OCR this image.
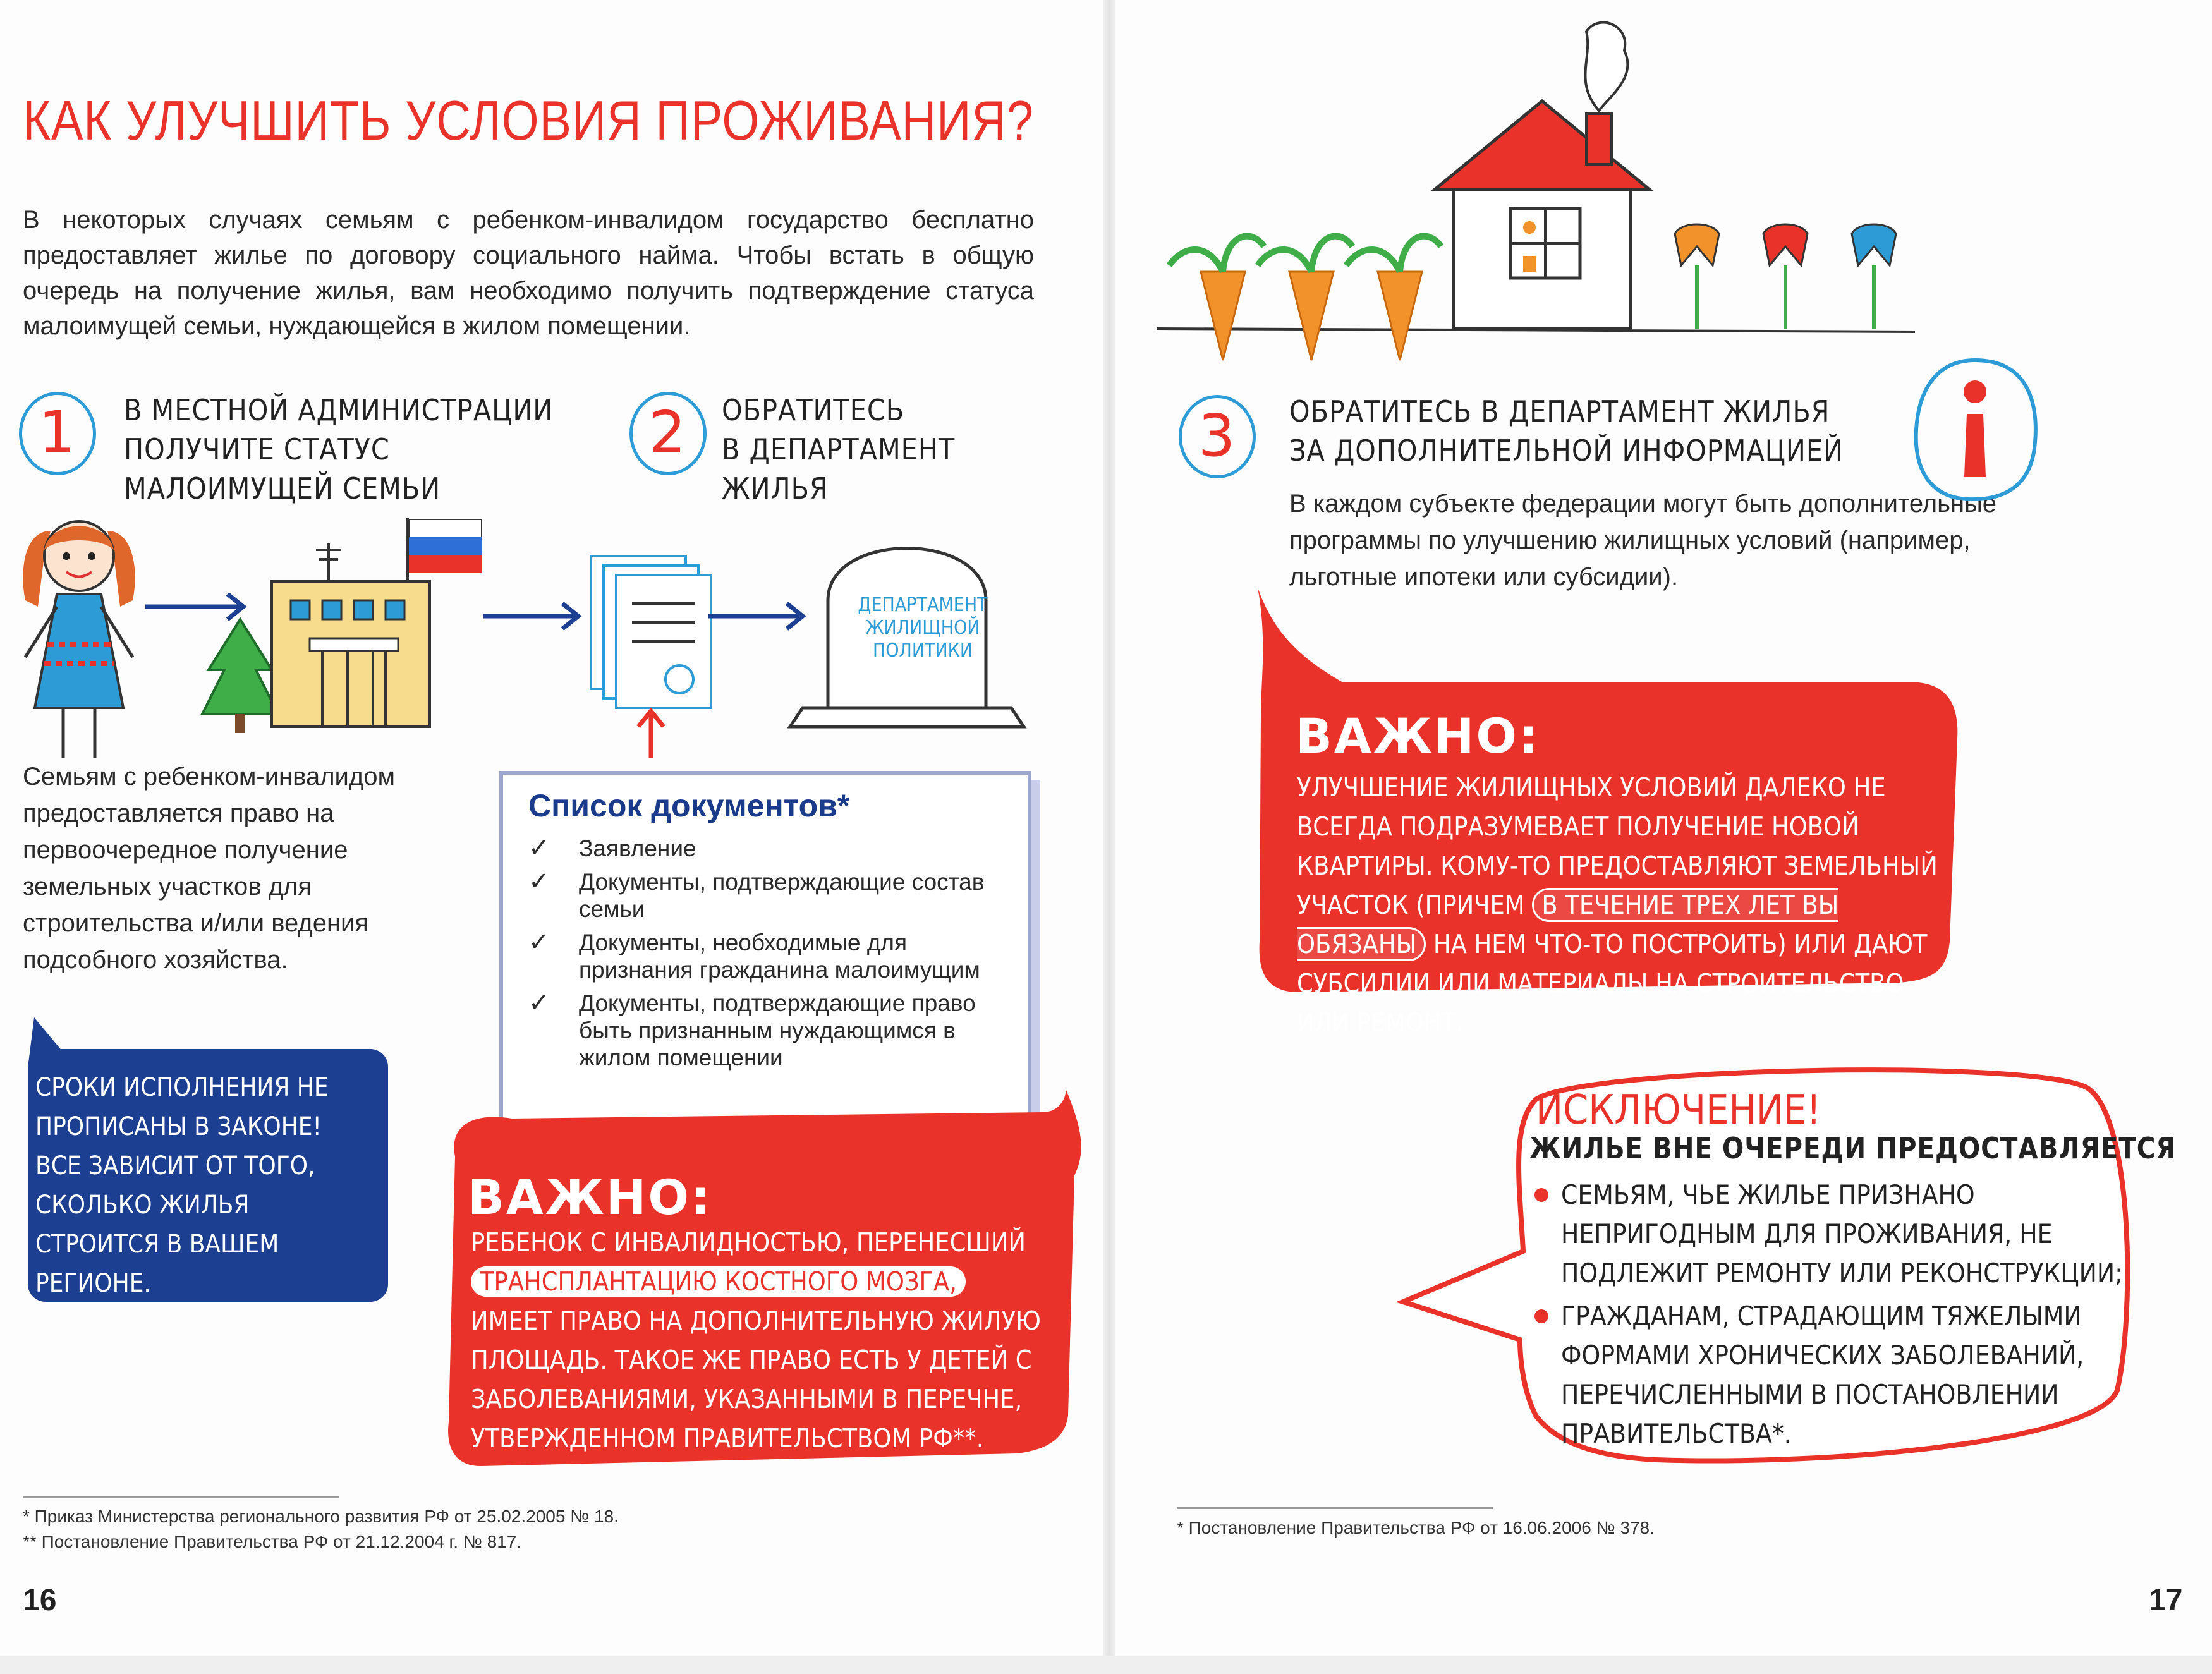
КАК УЛУЧШИТЬ УСЛОВИЯ ПРОЖИВАНИЯ?
В некоторых случаях семьям с ребенком-инвалидом государство бесплатно предоставляет жилье по договору социального найма. Чтобы встать в общую очередь на получение жилья, вам необходимо получить подтверждение статуса малоимущей семьи, нуждающейся в жилом помещении.
1	В МЕСТНОЙ АДМИНИСТРАЦИИ
ПОЛУЧИТЕ СТАТУС
МАЛОИМУЩЕЙ СЕМЬИ
2	ОБРАТИТЕСЬ
В ДЕПАРТАМЕНТ
ЖИЛЬЯ
ДЕПАРТАМЕНТ
ЖИЛИЩНОЙ
ПОЛИТИКИ
Семьям с ребенком-инвалидом предоставляется право на первоочередное получение земельных участков для строительства и/или ведения подсобного хозяйства.
Список документов*
✓ Заявление
✓ Документы, подтверждающие состав семьи
✓ Документы, необходимые для признания гражданина малоимущим
✓ Документы, подтверждающие право быть признанным нуждающимся в жилом помещении
СРОКИ ИСПОЛНЕНИЯ НЕ ПРОПИСАНЫ В ЗАКОНЕ! ВСЕ ЗАВИСИТ ОТ ТОГО, СКОЛЬКО ЖИЛЬЯ СТРОИТСЯ В ВАШЕМ РЕГИОНЕ.
ВАЖНО:
РЕБЕНОК С ИНВАЛИДНОСТЬЮ, ПЕРЕНЕСШИЙ
ТРАНСПЛАНТАЦИЮ КОСТНОГО МОЗГА,
ИМЕЕТ ПРАВО НА ДОПОЛНИТЕЛЬНУЮ ЖИЛУЮ ПЛОЩАДЬ. ТАКОЕ ЖЕ ПРАВО ЕСТЬ У ДЕТЕЙ С ЗАБОЛЕВАНИЯМИ, УКАЗАННЫМИ В ПЕРЕЧНЕ, УТВЕРЖДЕННОМ ПРАВИТЕЛЬСТВОМ РФ**.
* Приказ Министерства регионального развития РФ от 25.02.2005 № 18.
** Постановление Правительства РФ от 21.12.2004 г. № 817.
16
3	ОБРАТИТЕСЬ В ДЕПАРТАМЕНТ ЖИЛЬЯ
ЗА ДОПОЛНИТЕЛЬНОЙ ИНФОРМАЦИЕЙ
В каждом субъекте федерации могут быть дополнительные программы по улучшению жилищных условий (например, льготные ипотеки или субсидии).
ВАЖНО:
УЛУЧШЕНИЕ ЖИЛИЩНЫХ УСЛОВИЙ ДАЛЕКО НЕ ВСЕГДА ПОДРАЗУМЕВАЕТ ПОЛУЧЕНИЕ НОВОЙ КВАРТИРЫ. КОМУ-ТО ПРЕДОСТАВЛЯЮТ ЗЕМЕЛЬНЫЙ УЧАСТОК (ПРИЧЕМ В ТЕЧЕНИЕ ТРЕХ ЛЕТ ВЫ ОБЯЗАНЫ НА НЕМ ЧТО-ТО ПОСТРОИТЬ) ИЛИ ДАЮТ СУБСИДИИ ИЛИ МАТЕРИАЛЫ НА СТРОИТЕЛЬСТВО ИЛИ РЕМОНТ.
ИСКЛЮЧЕНИЕ!
ЖИЛЬЕ ВНЕ ОЧЕРЕДИ ПРЕДОСТАВЛЯЕТСЯ
СЕМЬЯМ, ЧЬЕ ЖИЛЬЕ ПРИЗНАНО НЕПРИГОДНЫМ ДЛЯ ПРОЖИВАНИЯ, НЕ ПОДЛЕЖИТ РЕМОНТУ ИЛИ РЕКОНСТРУКЦИИ;
ГРАЖДАНАМ, СТРАДАЮЩИМ ТЯЖЕЛЫМИ ФОРМАМИ ХРОНИЧЕСКИХ ЗАБОЛЕВАНИЙ, ПЕРЕЧИСЛЕННЫМИ В ПОСТАНОВЛЕНИИ ПРАВИТЕЛЬСТВА*.
* Постановление Правительства РФ от 16.06.2006 № 378.
17
